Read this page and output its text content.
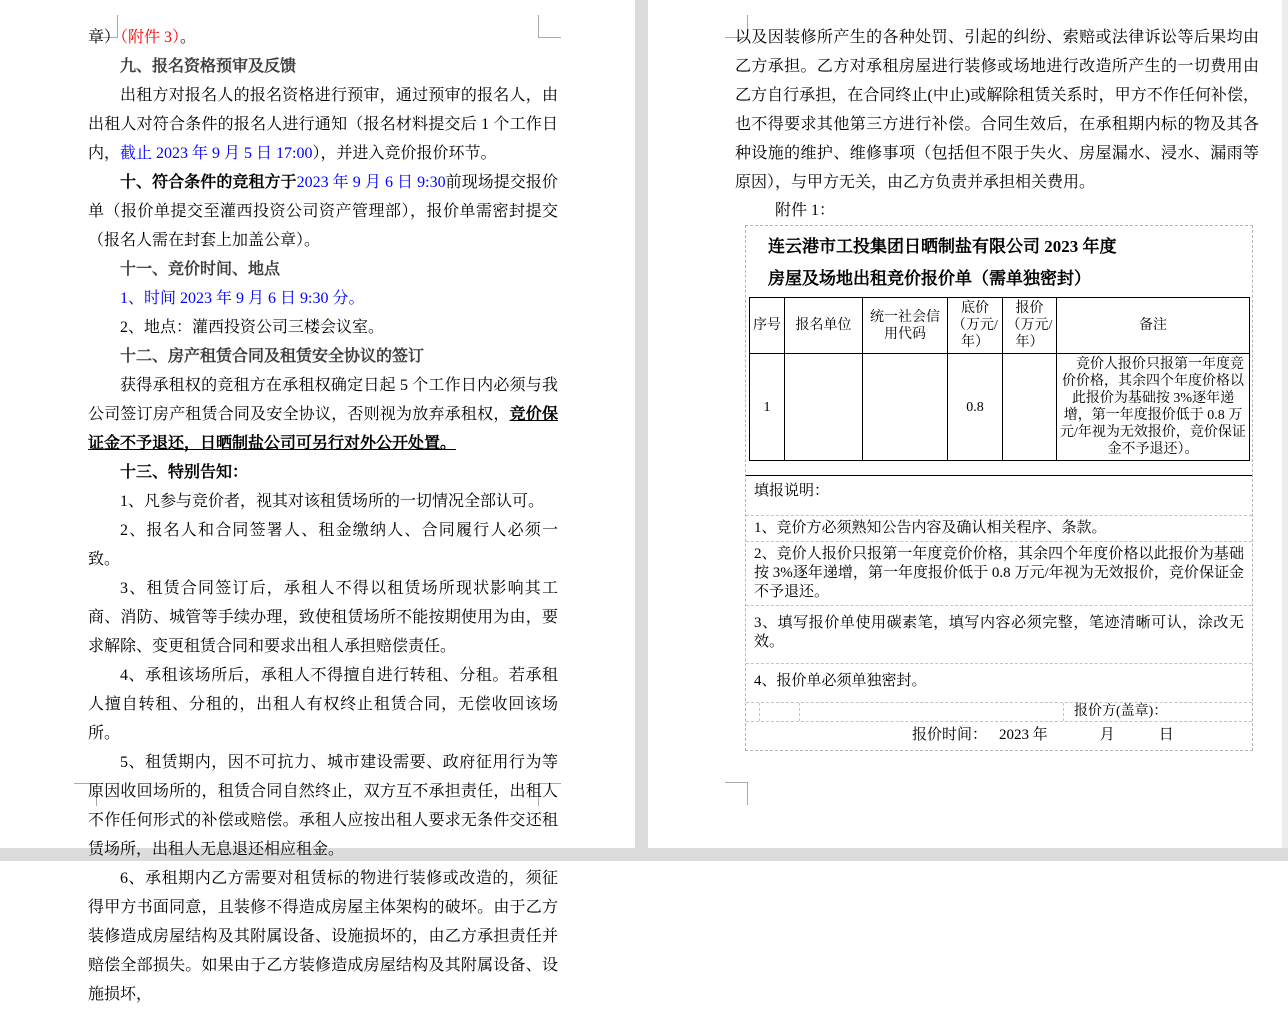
章）（附件 3）。

九、报名资格预审及反馈

出租方对报名人的报名资格进行预审，通过预审的报名人，由出租人对符合条件的报名人进行通知（报名材料提交后 1 个工作日内，截止 2023 年 9 月 5 日 17:00），并进入竞价报价环节。

十、符合条件的竞租方于2023 年 9 月 6 日 9:30前现场提交报价单（报价单提交至灌西投资公司资产管理部），报价单需密封提交（报名人需在封套上加盖公章）。

十一、竞价时间、地点

1、时间 2023 年 9 月 6 日 9:30 分。

2、地点：灌西投资公司三楼会议室。

十二、房产租赁合同及租赁安全协议的签订

获得承租权的竞租方在承租权确定日起 5 个工作日内必须与我公司签订房产租赁合同及安全协议，否则视为放弃承租权，竞价保证金不予退还，日晒制盐公司可另行对外公开处置。

十三、特别告知：

1、凡参与竞价者，视其对该租赁场所的一切情况全部认可。

2、报名人和合同签署人、租金缴纳人、合同履行人必须一致。

3、租赁合同签订后，承租人不得以租赁场所现状影响其工商、消防、城管等手续办理，致使租赁场所不能按期使用为由，要求解除、变更租赁合同和要求出租人承担赔偿责任。

4、承租该场所后，承租人不得擅自进行转租、分租。若承租人擅自转租、分租的，出租人有权终止租赁合同，无偿收回该场所。

5、租赁期内，因不可抗力、城市建设需要、政府征用行为等原因收回场所的，租赁合同自然终止，双方互不承担责任，出租人不作任何形式的补偿或赔偿。承租人应按出租人要求无条件交还租赁场所，出租人无息退还相应租金。

6、承租期内乙方需要对租赁标的物进行装修或改造的，须征得甲方书面同意，且装修不得造成房屋主体架构的破坏。由于乙方装修造成房屋结构及其附属设备、设施损坏的，由乙方承担责任并赔偿全部损失。如果由于乙方装修造成房屋结构及其附属设备、设施损坏，

以及因装修所产生的各种处罚、引起的纠纷、索赔或法律诉讼等后果均由乙方承担。乙方对承租房屋进行装修或场地进行改造所产生的一切费用由乙方自行承担，在合同终止(中止)或解除租赁关系时，甲方不作任何补偿，也不得要求其他第三方进行补偿。合同生效后，在承租期内标的物及其各种设施的维护、维修事项（包括但不限于失火、房屋漏水、浸水、漏雨等原因），与甲方无关，由乙方负责并承担相关费用。

附件 1：

连云港市工投集团日晒制盐有限公司 2023 年度

房屋及场地出租竞价报价单（需单独密封）

序号	报名单位	统一社会信用代码	底价（万元/年）	报价（万元/年）	备注
1			0.8		竞价人报价只报第一年度竞价价格，其余四个年度价格以此报价为基础按 3%逐年递增，第一年度报价低于 0.8 万元/年视为无效报价，竞价保证金不予退还）。
填报说明：
1、竞价方必须熟知公告内容及确认相关程序、条款。
2、竞价人报价只报第一年度竞价价格，其余四个年度价格以此报价为基础按 3%逐年递增，第一年度报价低于 0.8 万元/年视为无效报价，竞价保证金不予退还。
3、填写报价单使用碳素笔，填写内容必须完整，笔迹清晰可认，涂改无效。
4、报价单必须单独密封。
报价方(盖章)：
报价时间： 2023 年	月	日
